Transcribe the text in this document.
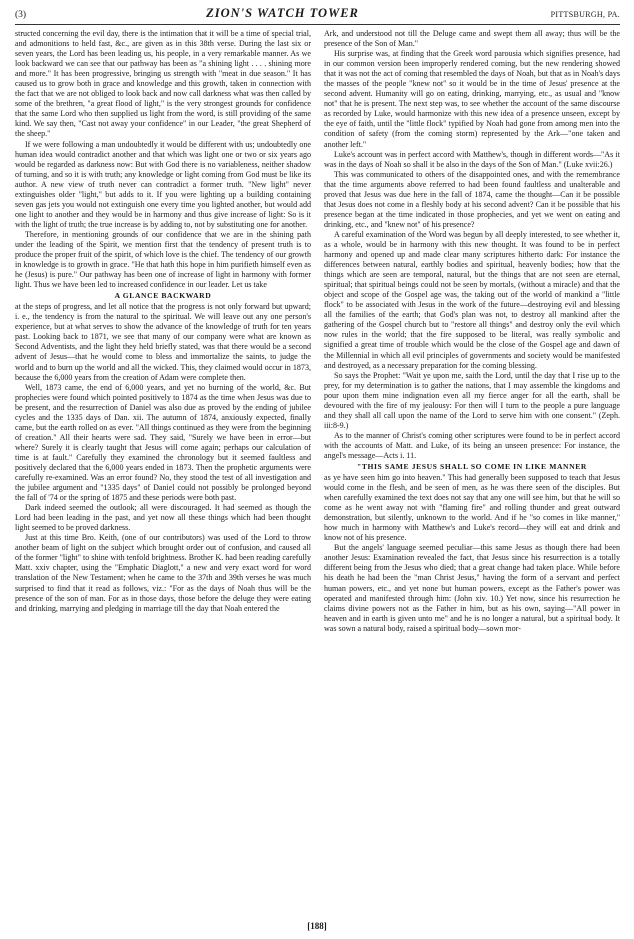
(3)	ZION'S WATCH TOWER	PITTSBURGH, PA.

structed concerning the evil day, there is the intimation that it will be a time of special trial, and admonitions to held fast, &c., are given as in this 38th verse. During the last six or seven years, the Lord has been leading us, his people, in a very remarkable manner. As we look backward we can see that our pathway has been as "a shining light . . . . shining more and more." It has been progressive, bringing us strength with "meat in due season." It has caused us to grow both in grace and knowledge and this growth, taken in connection with the fact that we are not obliged to look back and now call darkness what was then called by some of the brethren, "a great flood of light," is the very strongest grounds for confidence that the same Lord who then supplied us light from the word, is still providing of the same kind. We say then, "Cast not away your confidence" in our Leader, "the great Shepherd of the sheep."

If we were following a man undoubtedly it would be different with us; undoubtedly one human idea would contradict another and that which was light one or two or six years ago would be regarded as darkness now: But with God there is no variableness, neither shadow of turning, and so it is with truth; any knowledge or light coming from God must be like its author. A new view of truth never can contradict a former truth. "New light" never extinguishes older "light," but adds to it. If you were lighting up a building containing seven gas jets you would not extinguish one every time you lighted another, but would add one light to another and they would be in harmony and thus give increase of light: So is it with the light of truth; the true increase is by adding to, not by substituting one for another.

Therefore, in mentioning grounds of our confidence that we are in the shining path under the leading of the Spirit, we mention first that the tendency of present truth is to produce the proper fruit of the spirit, of which love is the chief. The tendency of our growth in knowledge is to growth in grace. "He that hath this hope in him purifieth himself even as he (Jesus) is pure." Our pathway has been one of increase of light in harmony with former light. Thus we have been led to increased confidence in our leader. Let us take

A GLANCE BACKWARD

at the steps of progress, and let all notice that the progress is not only forward but upward; i. e., the tendency is from the natural to the spiritual. We will leave out any one person's experience, but at what serves to show the advance of the knowledge of truth for ten years past. Looking back to 1871, we see that many of our company were what are known as Second Adventists, and the light they held briefly stated, was that there would be a second advent of Jesus—that he would come to bless and immortalize the saints, to judge the world and to burn up the world and all the wicked. This, they claimed would occur in 1873, because the 6,000 years from the creation of Adam were complete then.

Well, 1873 came, the end of 6,000 years, and yet no burning of the world, &c. But prophecies were found which pointed positively to 1874 as the time when Jesus was due to be present, and the resurrection of Daniel was also due as proved by the ending of jubilee cycles and the 1335 days of Dan. xii. The autumn of 1874, anxiously expected, finally came, but the earth rolled on as ever. "All things continued as they were from the beginning of creation." All their hearts were sad. They said, "Surely we have been in error—but where? Surely it is clearly taught that Jesus will come again; perhaps our calculation of time is at fault." Carefully they examined the chronology but it seemed faultless and positively declared that the 6,000 years ended in 1873. Then the prophetic arguments were carefully re-examined. Was an error found? No, they stood the test of all investigation and the jubilee argument and "1335 days" of Daniel could not possibly be prolonged beyond the fall of '74 or the spring of 1875 and these periods were both past.

Dark indeed seemed the outlook; all were discouraged. It had seemed as though the Lord had been leading in the past, and yet now all these things which had been thought light seemed to be proved darkness.

Just at this time Bro. Keith, (one of our contributors) was used of the Lord to throw another beam of light on the subject which brought order out of confusion, and caused all of the former "light" to shine with tenfold brightness. Brother K. had been reading carefully Matt. xxiv chapter, using the "Emphatic Diaglott," a new and very exact word for word translation of the New Testament; when he came to the 37th and 39th verses he was much surprised to find that it read as follows, viz.: "For as the days of Noah thus will be the presence of the son of man. For as in those days, those before the deluge they were eating and drinking, marrying and pledging in marriage till the day that Noah entered the

Ark, and understood not till the Deluge came and swept them all away; thus will be the presence of the Son of Man."

His surprise was, at finding that the Greek word parousia which signifies presence, had in our common version been improperly rendered coming, but the new rendering showed that it was not the act of coming that resembled the days of Noah, but that as in Noah's days the masses of the people "knew not" so it would be in the time of Jesus' presence at the second advent. Humanity will go on eating, drinking, marrying, etc., as usual and "know not" that he is present. The next step was, to see whether the account of the same discourse as recorded by Luke, would harmonize with this new idea of a presence unseen, except by the eye of faith, until the "little flock" typified by Noah had gone from among men into the condition of safety (from the coming storm) represented by the Ark—"one taken and another left."

Luke's account was in perfect accord with Matthew's, though in different words—"As it was in the days of Noah so shall it be also in the days of the Son of Man." (Luke xvii:26.)

This was communicated to others of the disappointed ones, and with the remembrance that the time arguments above referred to had been found faultless and unalterable and proved that Jesus was due here in the fall of 1874, came the thought—Can it be possible that Jesus does not come in a fleshly body at his second advent? Can it be possible that his presence began at the time indicated in those prophecies, and yet we went on eating and drinking, etc., and "knew not" of his presence?

A careful examination of the Word was begun by all deeply interested, to see whether it, as a whole, would be in harmony with this new thought. It was found to be in perfect harmony and opened up and made clear many scriptures hitherto dark: For instance the differences between natural, earthly bodies and spiritual, heavenly bodies; how that the things which are seen are temporal, natural, but the things that are not seen are eternal, spiritual; that spiritual beings could not be seen by mortals, (without a miracle) and that the object and scope of the Gospel age was, the taking out of the world of mankind a "little flock" to be associated with Jesus in the work of the future—destroying evil and blessing all the families of the earth; that God's plan was not, to destroy all mankind after the gathering of the Gospel church but to "restore all things" and destroy only the evil which now rules in the world; that the fire supposed to be literal, was really symbolic and signified a great time of trouble which would be the close of the Gospel age and dawn of the Millennial in which all evil principles of governments and society would be manifested and destroyed, as a necessary preparation for the coming blessing.

So says the Prophet: "Wait ye upon me, saith the Lord, until the day that I rise up to the prey, for my determination is to gather the nations, that I may assemble the kingdoms and pour upon them mine indignation even all my fierce anger for all the earth, shall be devoured with the fire of my jealousy: For then will I turn to the people a pure language and they shall all call upon the name of the Lord to serve him with one consent." (Zeph. iii:8-9.)

As to the manner of Christ's coming other scriptures were found to be in perfect accord with the accounts of Matt. and Luke, of its being an unseen presence: For instance, the angel's message—Acts i. 11.

"THIS SAME JESUS SHALL SO COME IN LIKE MANNER

as ye have seen him go into heaven." This had generally been supposed to teach that Jesus would come in the flesh, and be seen of men, as he was there seen of the disciples. But when carefully examined the text does not say that any one will see him, but that he will so come as he went away not with "flaming fire" and rolling thunder and great outward demonstration, but silently, unknown to the world. And if he "so comes in like manner," how much in harmony with Matthew's and Luke's record—they will eat and drink and know not of his presence.

But the angels' language seemed peculiar—this same Jesus as though there had been another Jesus: Examination revealed the fact, that Jesus since his resurrection is a totally different being from the Jesus who died; that a great change had taken place. While before his death he had been the "man Christ Jesus," having the form of a servant and perfect human powers, etc., and yet none but human powers, except as the Father's power was operated and manifested through him: (John xiv. 10.) Yet now, since his resurrection he claims divine powers not as the Father in him, but as his own, saying—"All power in heaven and in earth is given unto me" and he is no longer a natural, but a spiritual body. It was sown a natural body, raised a spiritual body—sown mor-

[188]
